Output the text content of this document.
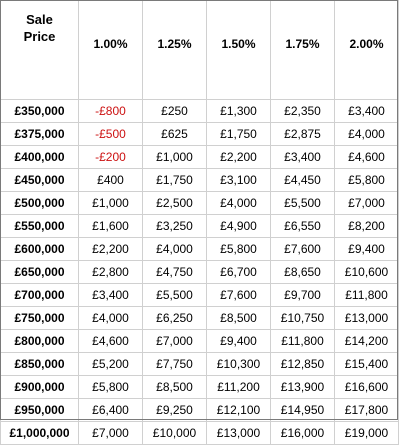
Sale
Price	1.00%	1.25%	1.50%	1.75%	2.00%
£350,000	-£800	£250	£1,300	£2,350	£3,400
£375,000	-£500	£625	£1,750	£2,875	£4,000
£400,000	-£200	£1,000	£2,200	£3,400	£4,600
£450,000	£400	£1,750	£3,100	£4,450	£5,800
£500,000	£1,000	£2,500	£4,000	£5,500	£7,000
£550,000	£1,600	£3,250	£4,900	£6,550	£8,200
£600,000	£2,200	£4,000	£5,800	£7,600	£9,400
£650,000	£2,800	£4,750	£6,700	£8,650	£10,600
£700,000	£3,400	£5,500	£7,600	£9,700	£11,800
£750,000	£4,000	£6,250	£8,500	£10,750	£13,000
£800,000	£4,600	£7,000	£9,400	£11,800	£14,200
£850,000	£5,200	£7,750	£10,300	£12,850	£15,400
£900,000	£5,800	£8,500	£11,200	£13,900	£16,600
£950,000	£6,400	£9,250	£12,100	£14,950	£17,800
£1,000,000	£7,000	£10,000	£13,000	£16,000	£19,000
